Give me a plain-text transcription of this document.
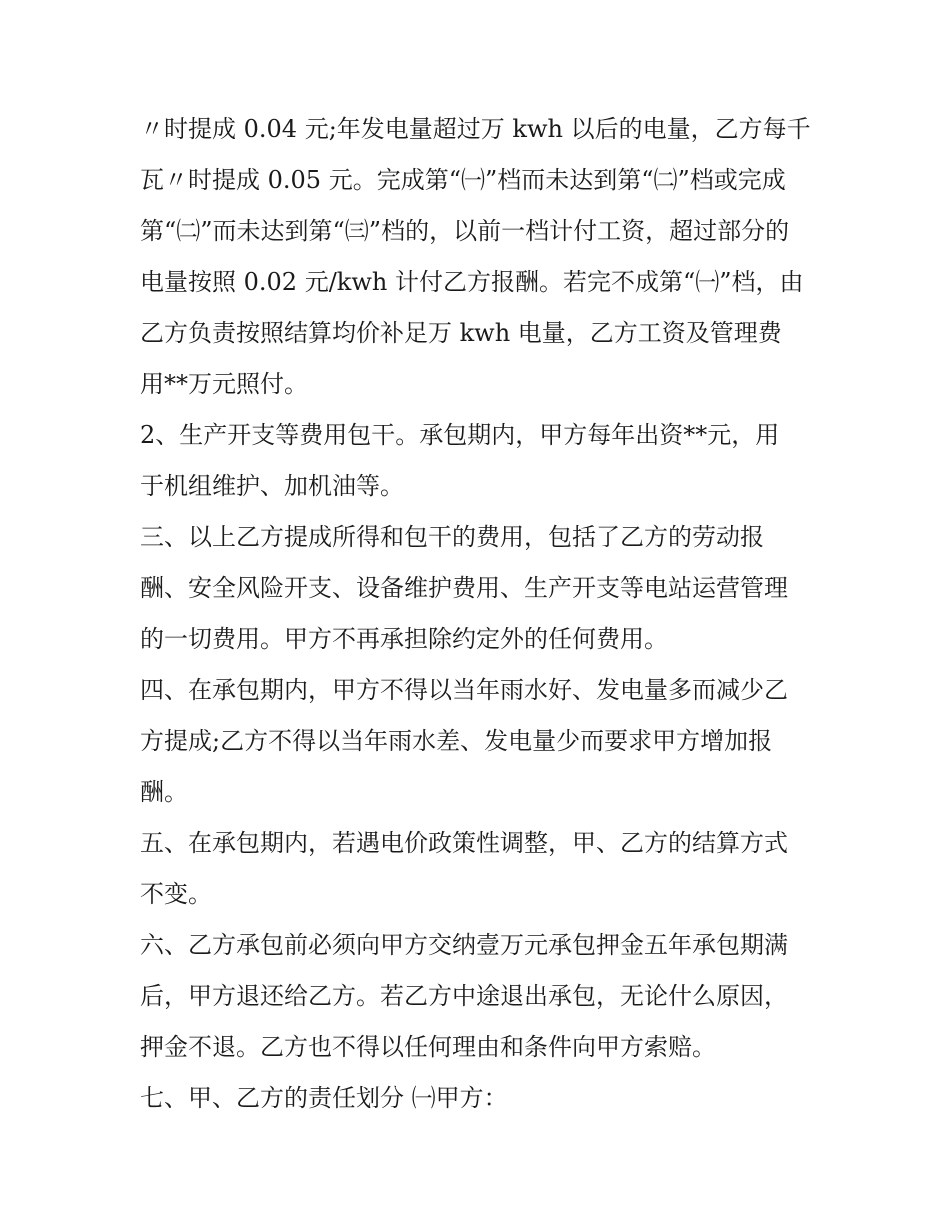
〃时提成 0.04 元;年发电量超过万 kwh 以后的电量，乙方每千
瓦〃时提成 0.05 元。完成第“㈠”档而未达到第“㈡”档或完成
第“㈡”而未达到第“㈢”档的，以前一档计付工资，超过部分的
电量按照 0.02 元/kwh 计付乙方报酬。若完不成第“㈠”档，由
乙方负责按照结算均价补足万 kwh 电量，乙方工资及管理费
用**万元照付。
2、生产开支等费用包干。承包期内，甲方每年出资**元，用
于机组维护、加机油等。
三、以上乙方提成所得和包干的费用，包括了乙方的劳动报
酬、安全风险开支、设备维护费用、生产开支等电站运营管理
的一切费用。甲方不再承担除约定外的任何费用。
四、在承包期内，甲方不得以当年雨水好、发电量多而减少乙
方提成;乙方不得以当年雨水差、发电量少而要求甲方增加报
酬。
五、在承包期内，若遇电价政策性调整，甲、乙方的结算方式
不变。
六、乙方承包前必须向甲方交纳壹万元承包押金五年承包期满
后，甲方退还给乙方。若乙方中途退出承包，无论什么原因，
押金不退。乙方也不得以任何理由和条件向甲方索赔。
七、甲、乙方的责任划分 ㈠甲方：
